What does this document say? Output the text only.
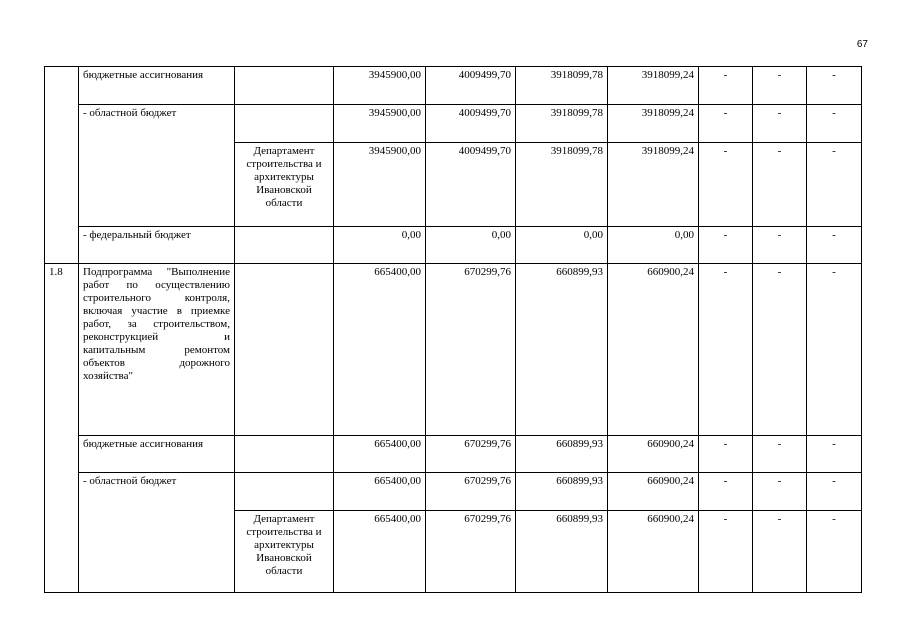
67
	бюджетные ассигнования		3945900,00	4009499,70	3918099,78	3918099,24	-	-	-
	- областной бюджет		3945900,00	4009499,70	3918099,78	3918099,24	-	-	-
		Департамент строительства и архитектуры Ивановской области	3945900,00	4009499,70	3918099,78	3918099,24	-	-	-
	- федеральный бюджет		0,00	0,00	0,00	0,00	-	-	-
1.8	Подпрограмма "Выполнение работ по осуществлению строительного контроля, включая участие в приемке работ, за строительством, реконструкцией и капитальным ремонтом объектов дорожного хозяйства"		665400,00	670299,76	660899,93	660900,24	-	-	-
	бюджетные ассигнования		665400,00	670299,76	660899,93	660900,24	-	-	-
	- областной бюджет		665400,00	670299,76	660899,93	660900,24	-	-	-
		Департамент строительства и архитектуры Ивановской области	665400,00	670299,76	660899,93	660900,24	-	-	-
